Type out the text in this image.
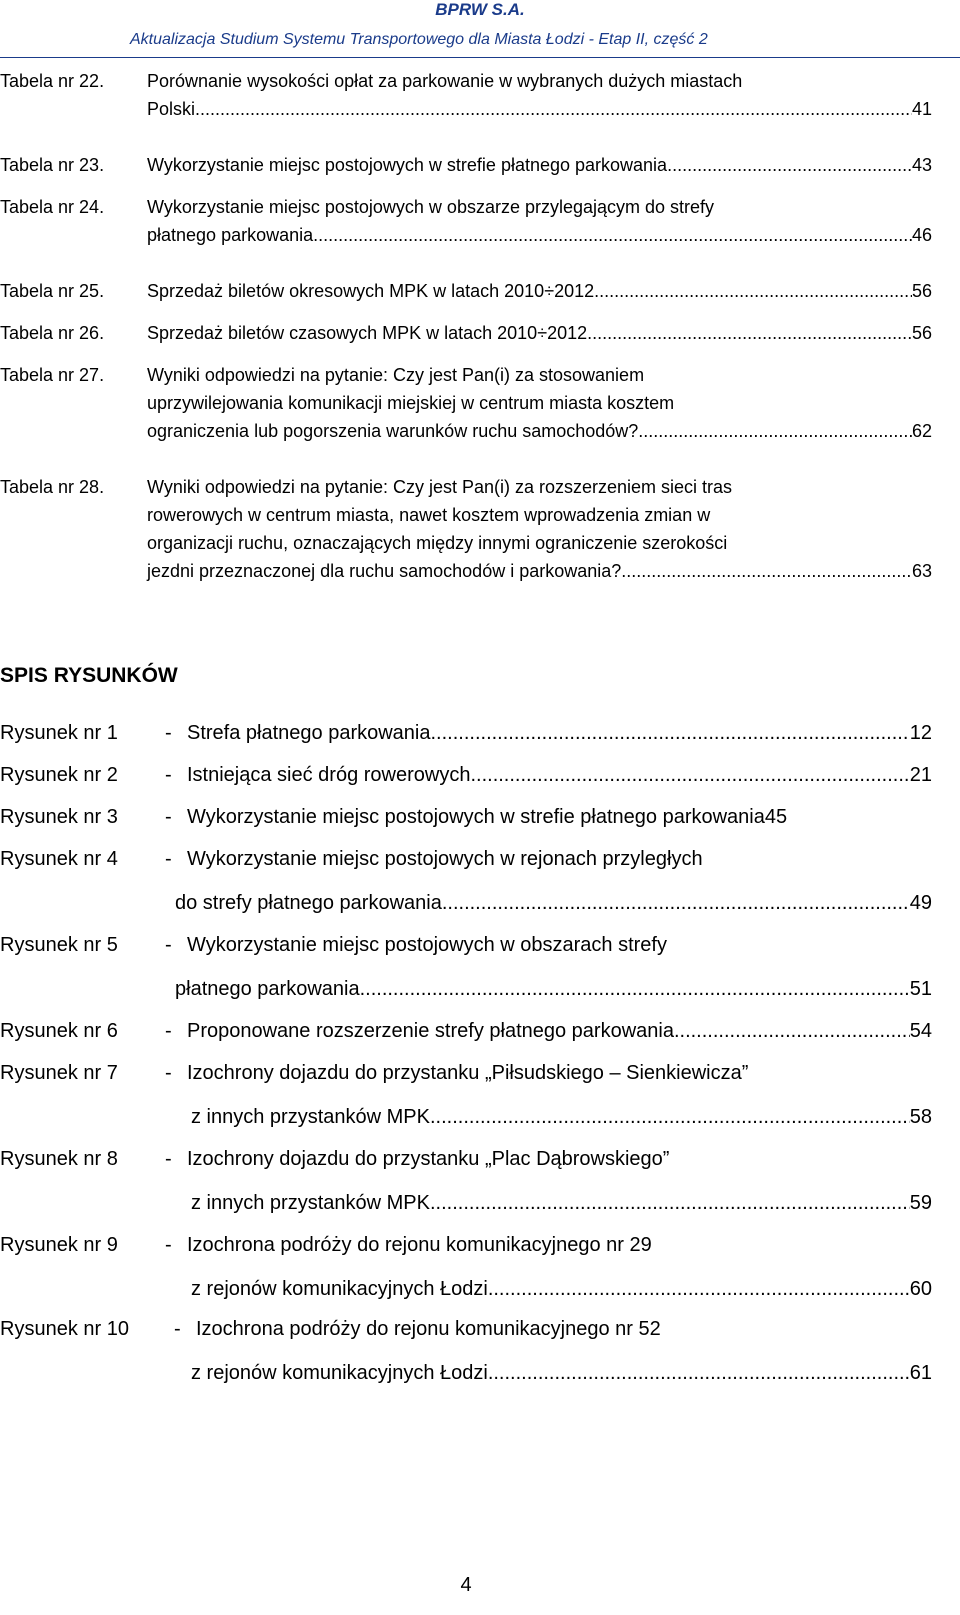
BPRW S.A.
Aktualizacja Studium Systemu Transportowego dla Miasta Łodzi - Etap II, część 2
Tabela nr 22. Porównanie wysokości opłat za parkowanie w wybranych dużych miastach
Polski .....	41
Tabela nr 23. Wykorzystanie miejsc postojowych w strefie płatnego parkowania .....	43
Tabela nr 24. Wykorzystanie miejsc postojowych w obszarze przylegającym do strefy
płatnego parkowania .....	46
Tabela nr 25. Sprzedaż biletów okresowych MPK w latach 2010÷2012 .....	56
Tabela nr 26. Sprzedaż biletów czasowych MPK w latach 2010÷2012 .....	56
Tabela nr 27. Wyniki odpowiedzi na pytanie: Czy jest Pan(i) za stosowaniem
uprzywilejowania komunikacji miejskiej w centrum miasta kosztem
ograniczenia lub pogorszenia warunków ruchu samochodów? .....	62
Tabela nr 28. Wyniki odpowiedzi na pytanie: Czy jest Pan(i) za rozszerzeniem sieci tras
rowerowych w centrum miasta, nawet kosztem wprowadzenia zmian w
organizacji ruchu, oznaczających między innymi ograniczenie szerokości
jezdni przeznaczonej dla ruchu samochodów i parkowania? .....	63
SPIS RYSUNKÓW
Rysunek nr 1 - Strefa płatnego parkowania .....	12
Rysunek nr 2 - Istniejąca sieć dróg rowerowych .....	21
Rysunek nr 3 - Wykorzystanie miejsc postojowych w strefie płatnego parkowania 45
Rysunek nr 4 - Wykorzystanie miejsc postojowych w rejonach przyległych
do strefy płatnego parkowania .....	49
Rysunek nr 5 - Wykorzystanie miejsc postojowych w obszarach strefy
płatnego parkowania .....	51
Rysunek nr 6 - Proponowane rozszerzenie strefy płatnego parkowania .....	54
Rysunek nr 7 - Izochrony dojazdu do przystanku „Piłsudskiego – Sienkiewicza”
z innych przystanków MPK .....	58
Rysunek nr 8 - Izochrony dojazdu do przystanku „Plac Dąbrowskiego”
z innych przystanków MPK .....	59
Rysunek nr 9 - Izochrona podróży do rejonu komunikacyjnego nr 29
z rejonów komunikacyjnych Łodzi .....	60
Rysunek nr 10 - Izochrona podróży do rejonu komunikacyjnego nr 52
z rejonów komunikacyjnych Łodzi .....	61
4
